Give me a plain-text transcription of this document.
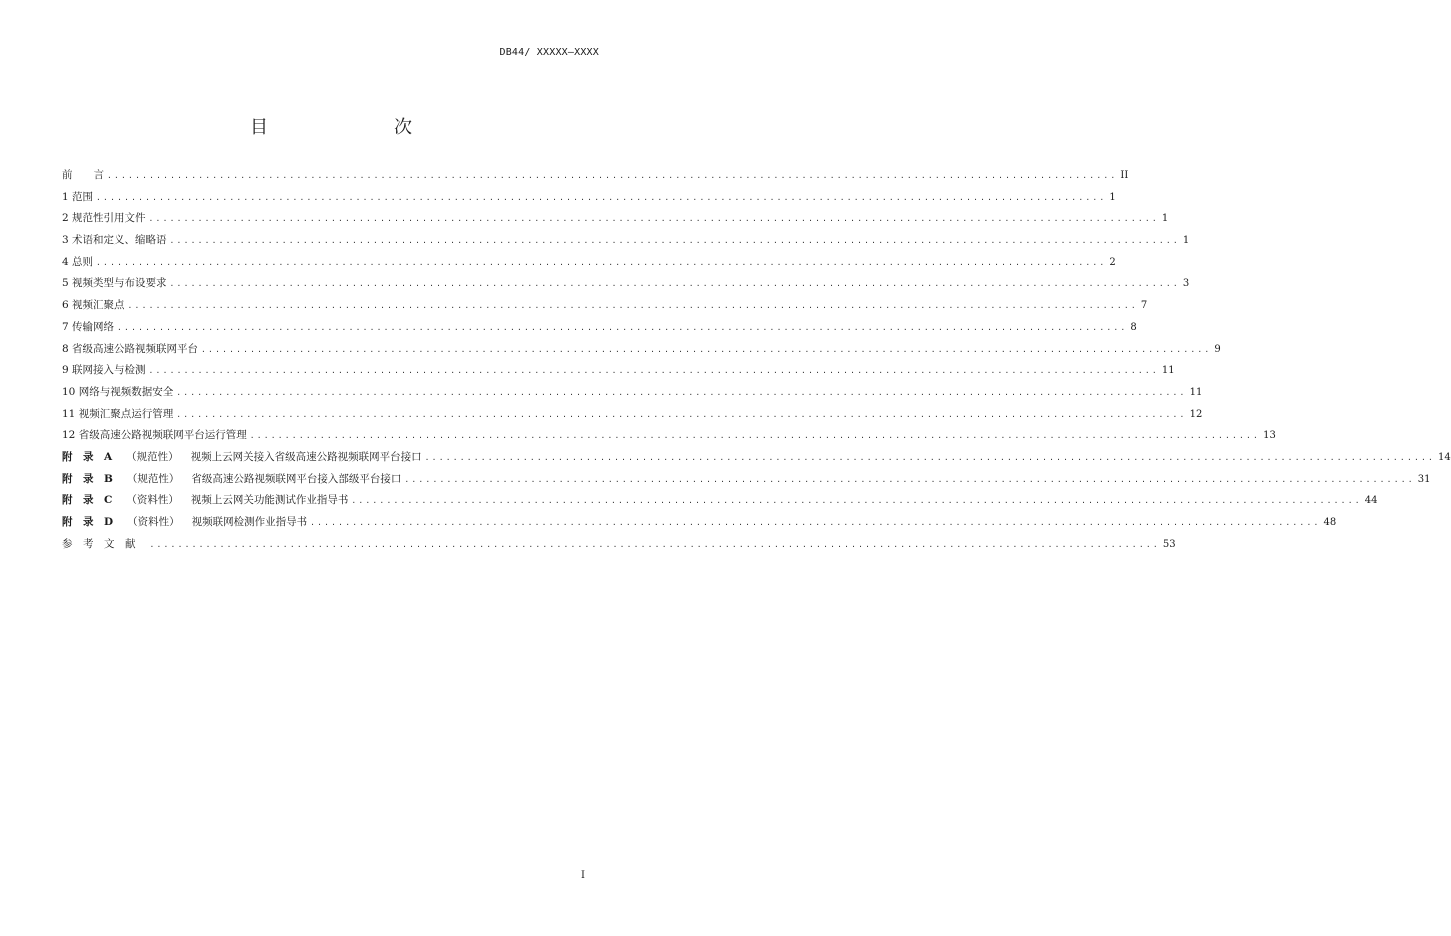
DB44/ XXXXX—XXXX
目　　次
前　　言 ................................................................................................................................................ II
1 范围 ................................................................................................................................................ 1
2 规范性引用文件 ................................................................................................................................................ 1
3 术语和定义、缩略语 ................................................................................................................................................ 1
4 总则 ................................................................................................................................................ 2
5 视频类型与布设要求 ................................................................................................................................................ 3
6 视频汇聚点 ................................................................................................................................................ 7
7 传输网络 ................................................................................................................................................ 8
8 省级高速公路视频联网平台 ................................................................................................................................................ 9
9 联网接入与检测 ................................................................................................................................................ 11
10 网络与视频数据安全 ................................................................................................................................................ 11
11 视频汇聚点运行管理 ................................................................................................................................................ 12
12 省级高速公路视频联网平台运行管理 ................................................................................................................................................ 13
附　录　A （规范性） 视频上云网关接入省级高速公路视频联网平台接口 ................................................................................................................................................ 14
附　录　B （规范性） 省级高速公路视频联网平台接入部级平台接口 ................................................................................................................................................ 31
附　录　C （资料性） 视频上云网关功能测试作业指导书 ................................................................................................................................................ 44
附　录　D （资料性） 视频联网检测作业指导书 ................................................................................................................................................ 48
参　考　文　献 ................................................................................................................................................ 53
I
